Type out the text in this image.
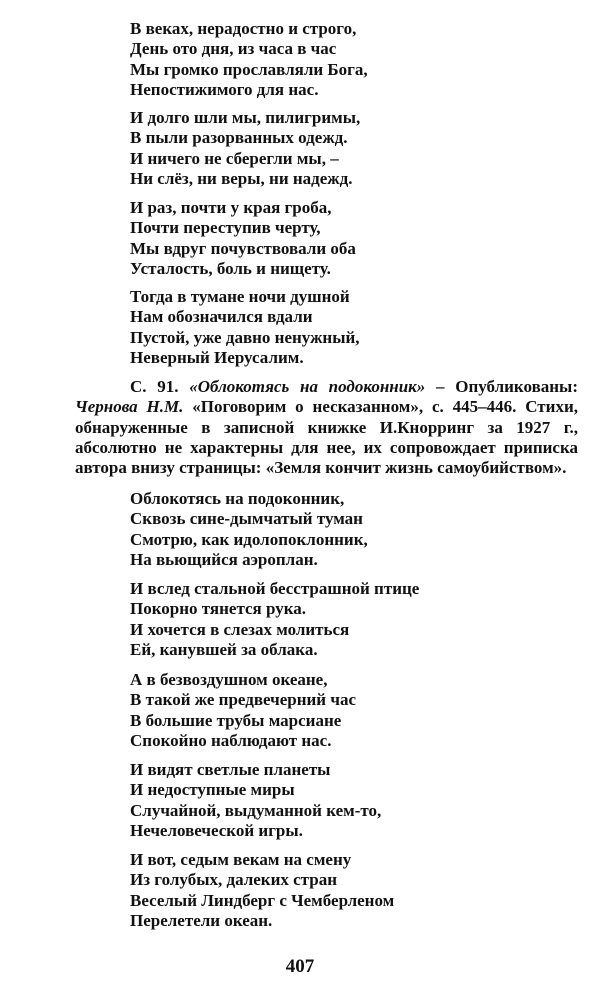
В веках, нерадостно и строго,
День ото дня, из часа в час
Мы громко прославляли Бога,
Непостижимого для нас.
И долго шли мы, пилигримы,
В пыли разорванных одежд.
И ничего не сберегли мы, –
Ни слёз, ни веры, ни надежд.
И раз, почти у края гроба,
Почти переступив черту,
Мы вдруг почувствовали оба
Усталость, боль и нищету.
Тогда в тумане ночи душной
Нам обозначился вдали
Пустой, уже давно ненужный,
Неверный Иерусалим.
С. 91. «Облокотясь на подоконник» – Опубликованы: Чернова Н.М. «Поговорим о несказанном», с. 445–446. Стихи, обнаруженные в записной книжке И.Кнорринг за 1927 г., абсолютно не характерны для нее, их сопровождает приписка автора внизу страницы: «Земля кончит жизнь самоубийством».
Облокотясь на подоконник,
Сквозь сине-дымчатый туман
Смотрю, как идолопоклонник,
На вьющийся аэроплан.
И вслед стальной бесстрашной птице
Покорно тянется рука.
И хочется в слезах молиться
Ей, канувшей за облака.
А в безвоздушном океане,
В такой же предвечерний час
В большие трубы марсиане
Спокойно наблюдают нас.
И видят светлые планеты
И недоступные миры
Случайной, выдуманной кем-то,
Нечеловеческой игры.
И вот, седым векам на смену
Из голубых, далеких стран
Веселый Линдберг с Чемберленом
Перелетели океан.
407
